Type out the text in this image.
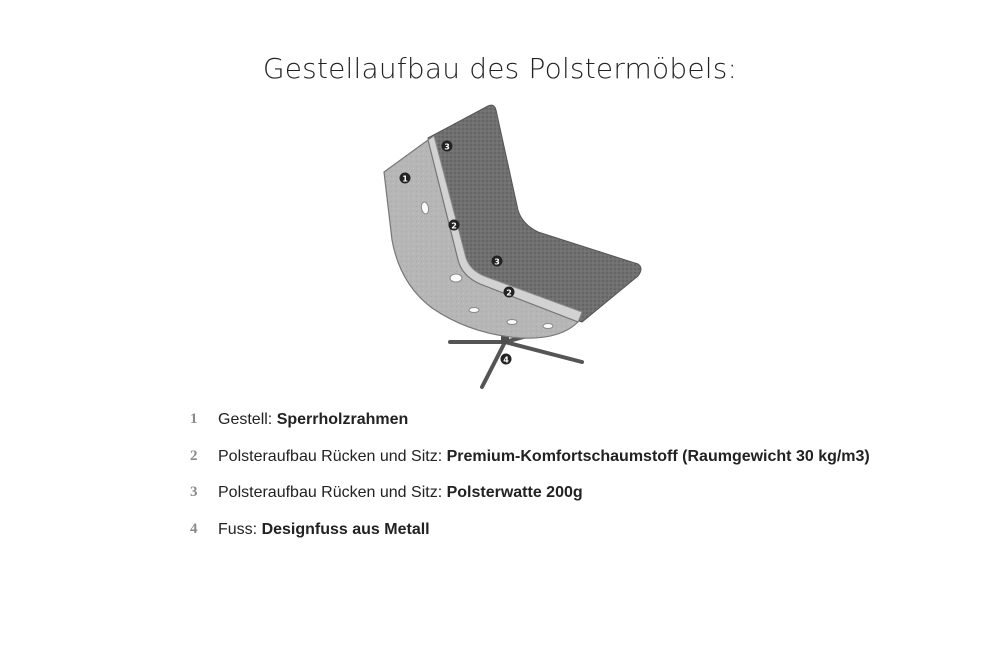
Gestellaufbau des Polstermöbels:
1
2
3
2
3
4
1	Gestell: Sperrholzrahmen
2	Polsteraufbau Rücken und Sitz: Premium-Komfortschaumstoff (Raumgewicht 30 kg/m3)
3	Polsteraufbau Rücken und Sitz: Polsterwatte 200g
4	Fuss: Designfuss aus Metall
